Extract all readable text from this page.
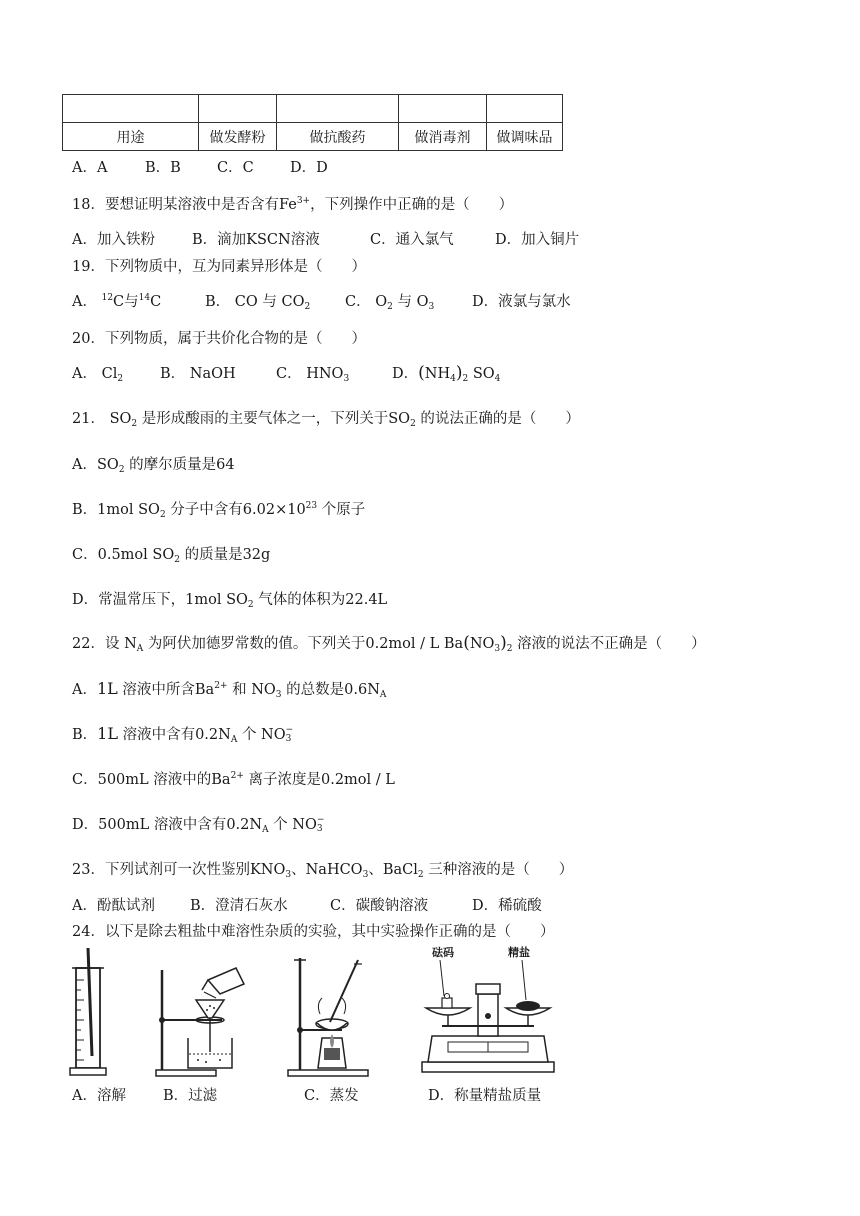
用途	做发酵粉	做抗酸药	做消毒剂	做调味品
A．A	B．B C．C	D．D
18．要想证明某溶液中是否含有$Fe^{3+}$，下列操作中正确的是（　　）
A．加入铁粉	B．滴加KSCN溶液	C．通入氯气	D．加入铜片
19．下列物质中，互为同素异形体是（　　）
A． $^{12}$C与$^{14}$C	B． CO 与 $CO_2$ C． $O_2$ 与 $O_3$	D．液氯与氯水
20．下列物质，属于共价化合物的是（　　）
A． $Cl_2$	B． NaOH	C． $HNO_3$	D．$(NH_4)_2$ $SO_4$
21． $SO_2$ 是形成酸雨的主要气体之一，下列关于$SO_2$ 的说法正确的是（　　）
A．$SO_2$ 的摩尔质量是64
B．1mol $SO_2$ 分子中含有$6.02\times 10^{23}$ 个原子
C．0.5mol $SO_2$ 的质量是32g
D．常温常压下，1mol $SO_2$ 气体的体积为22.4L
22．设 $N_A$ 为阿伏加德罗常数的值。下列关于0.2mol / L $Ba(NO_3)_2$ 溶液的说法不正确是（　　）
A．1L 溶液中所含$Ba^{2+}$ 和 $NO_3$ 的总数是$0.6N_A$
B．1L 溶液中含有$0.2N_A$ 个 NO −
3
C．500mL 溶液中的$Ba^{2+}$ 离子浓度是0.2mol / L
D．500mL 溶液中含有$0.2N_A$ 个 NO −
3
23．下列试剂可一次性鉴别$KNO_3$、NaHCO$_3$、BaCl$_2$ 三种溶液的是（　　）
A．酚酞试剂 B．澄清石灰水	C．碳酸钠溶液	D．稀硫酸
24．以下是除去粗盐中难溶性杂质的实验，其中实验操作正确的是（　　）
砝码	精盐
A．溶解	B．过滤	C．蒸发	D．称量精盐质量
